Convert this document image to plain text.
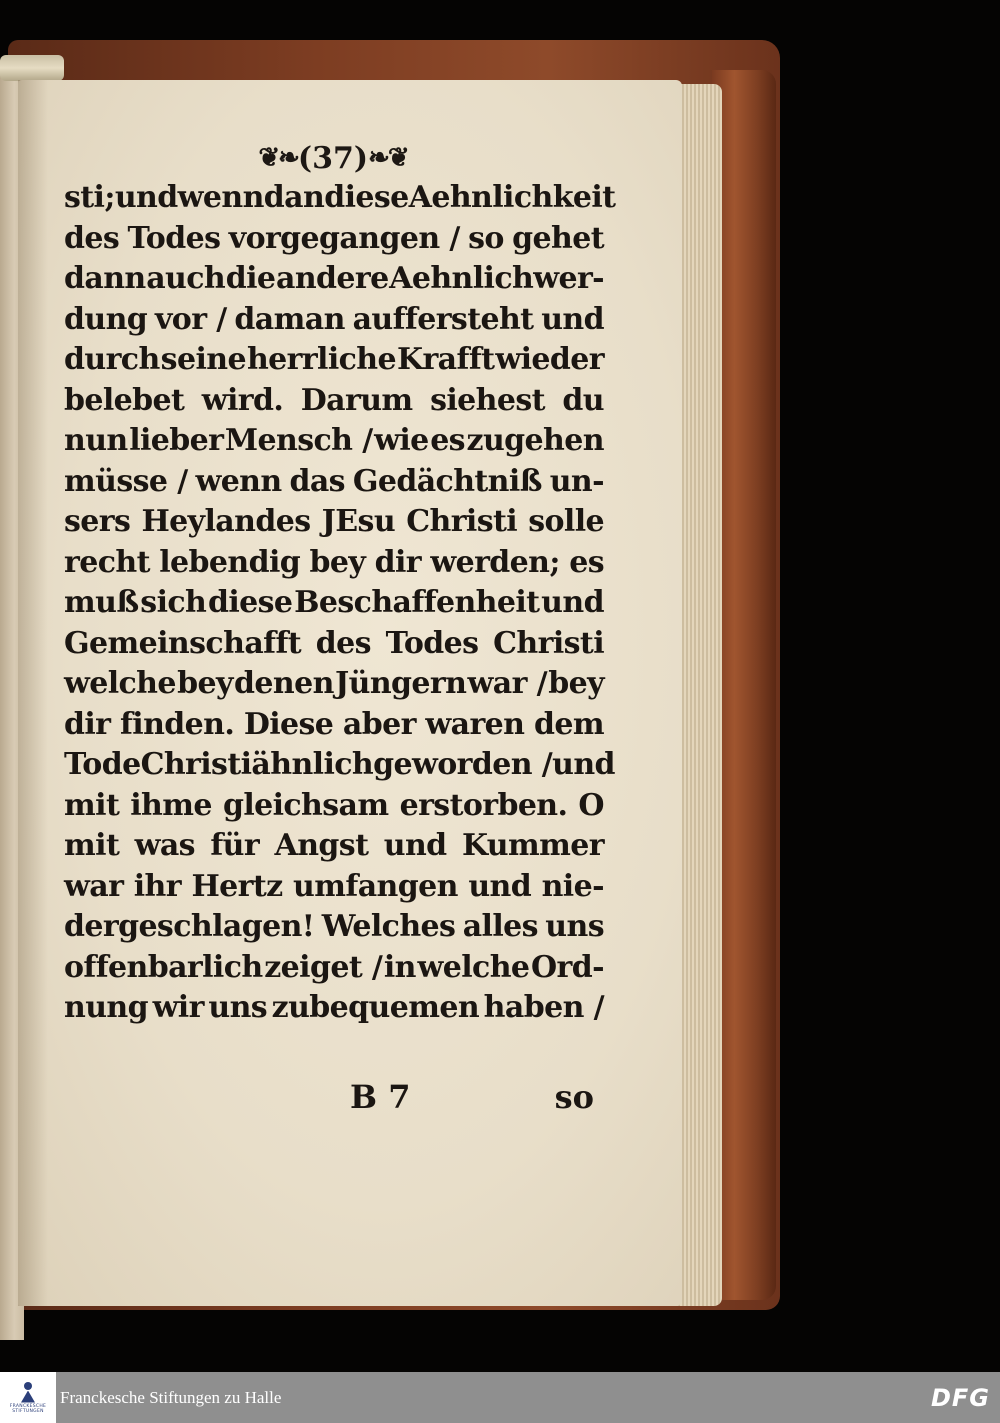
❦❧ (37) ❧❦
sti; und wenn dan diese Aehnlichkeit
des Todes vorgegangen / so gehet
dann auch die andere Aehnlichwer-
dung vor / daman auffersteht und
durch seine herrliche Krafft wieder
belebet wird. Darum siehest du
nun lieber Mensch / wie es zugehen
müsse / wenn das Gedächtniß un-
sers Heylandes JEsu Christi solle
recht lebendig bey dir werden; es
muß sich diese Beschaffenheit und
Gemeinschafft des Todes Christi
welche bey denen Jüngern war / bey
dir finden. Diese aber waren dem
Tode Christi ähnlich geworden / und
mit ihme gleichsam erstorben. O
mit was für Angst und Kummer
war ihr Hertz umfangen und nie-
dergeschlagen! Welches alles uns
offenbarlich zeiget / in welche Ord-
nung wir uns zubequemen haben /
B 7	so
FRANCKESCHE STIFTUNGEN
Franckesche Stiftungen zu Halle	DFG
